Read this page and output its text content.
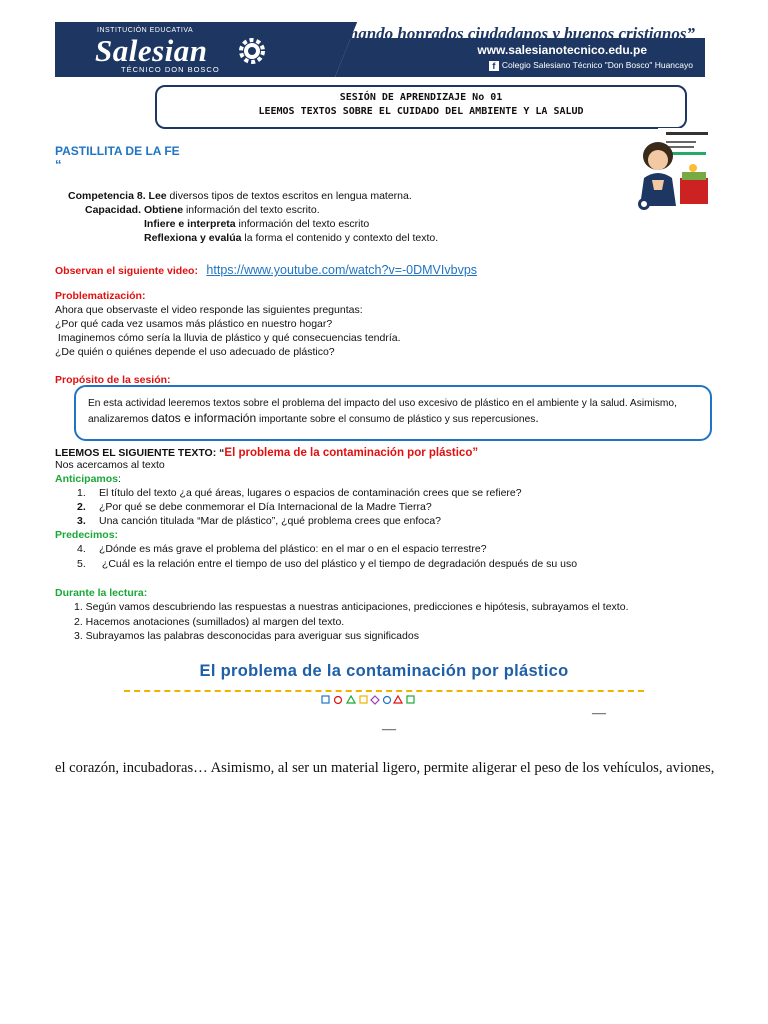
INSTITUCIÓN EDUCATIVA
Salesian
TÉCNICO DON BOSCO
“Formando honrados ciudadanos y buenos cristianos”
www.salesianotecnico.edu.pe
f Colegio Salesiano Técnico "Don Bosco" Huancayo
SESIÓN DE APRENDIZAJE No 01
LEEMOS TEXTOS SOBRE EL CUIDADO DEL AMBIENTE Y LA SALUD
PASTILLITA DE LA FE
“
Competencia 8. Lee diversos tipos de textos escritos en lengua materna.
Capacidad. Obtiene información del texto escrito.
Infiere e interpreta información del texto escrito
Reflexiona y evalúa la forma el contenido y contexto del texto.
Observan el siguiente video: https://www.youtube.com/watch?v=-0DMVIvbvps
Problematización:
Ahora que observaste el video responde las siguientes preguntas:
¿Por qué cada vez usamos más plástico en nuestro hogar?
Imaginemos cómo sería la lluvia de plástico y qué consecuencias tendría.
¿De quién o quiénes depende el uso adecuado de plástico?
Propósito de la sesión:

En esta actividad leeremos textos sobre el problema del impacto del uso excesivo de plástico en el ambiente y la salud. Asimismo, analizaremos datos e información importante sobre el consumo de plástico y sus repercusiones.

LEEMOS EL SIGUIENTE TEXTO: “El problema de la contaminación por plástico”
Nos acercamos al texto
Anticipamos:
1. El título del texto ¿a qué áreas, lugares o espacios de contaminación crees que se refiere?
2. ¿Por qué se debe conmemorar el Día Internacional de la Madre Tierra?
3. Una canción titulada “Mar de plástico”, ¿qué problema crees que enfoca?
Predecimos:
4. ¿Dónde es más grave el problema del plástico: en el mar o en el espacio terrestre?
5. ¿Cuál es la relación entre el tiempo de uso del plástico y el tiempo de degradación después de su uso
Durante la lectura:
1. Según vamos descubriendo las respuestas a nuestras anticipaciones, predicciones e hipótesis, subrayamos el texto.
2. Hacemos anotaciones (sumillados) al margen del texto.
3. Subrayamos las palabras desconocidas para averiguar sus significados
El problema de la contaminación por plástico
—
—
el corazón, incubadoras… Asimismo, al ser un material ligero, permite aligerar el peso de los vehículos, aviones,
